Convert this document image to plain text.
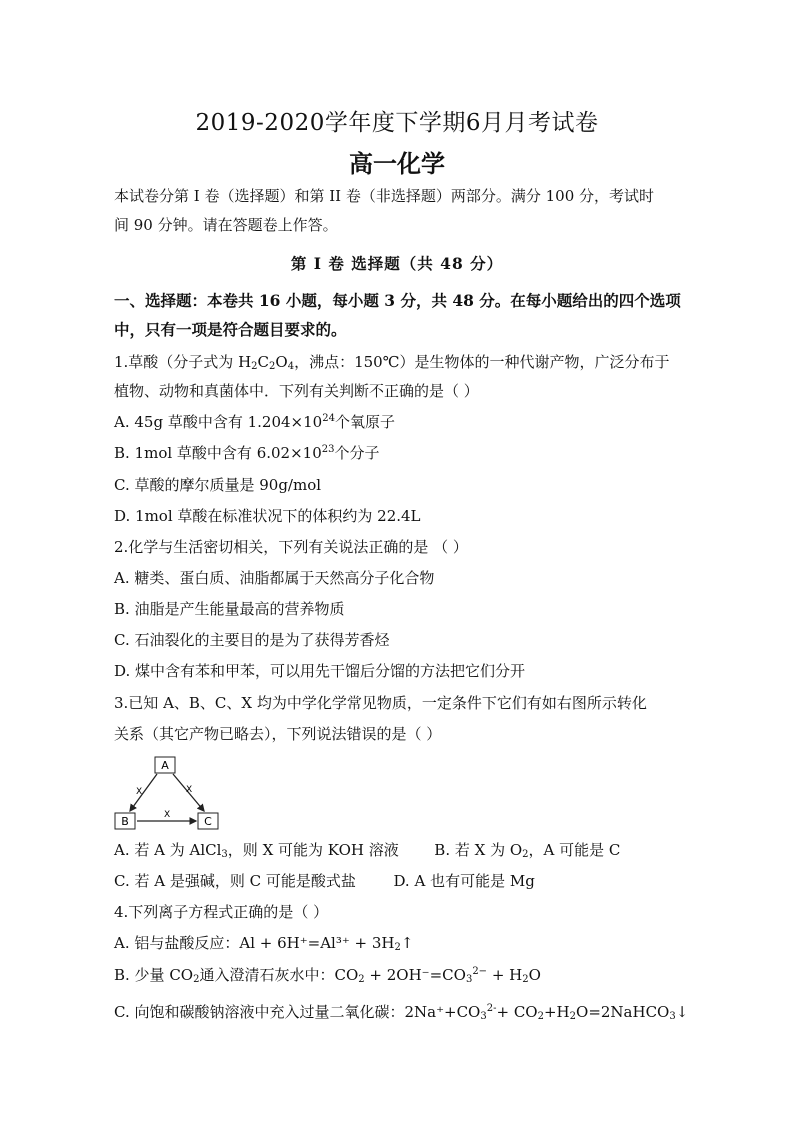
2019-2020学年度下学期6月月考试卷
高一化学
本试卷分第 I 卷（选择题）和第 II 卷（非选择题）两部分。满分 100 分，考试时
间 90 分钟。请在答题卷上作答。
第 I 卷 选择题（共 48 分）
一、选择题：本卷共 16 小题，每小题 3 分，共 48 分。在每小题给出的四个选项
中，只有一项是符合题目要求的。
1.草酸（分子式为 $H_2C_2O_4$，沸点：150℃）是生物体的一种代谢产物，广泛分布于
植物、动物和真菌体中．下列有关判断不正确的是（ ）
A. 45g 草酸中含有 $1.204\times 10^{24}$个氧原子
B. 1mol 草酸中含有 $6.02\times 10^{23}$个分子
C. 草酸的摩尔质量是 90g/mol
D. 1mol 草酸在标准状况下的体积约为 22.4L
2.化学与生活密切相关，下列有关说法正确的是 （ ）
A. 糖类、蛋白质、油脂都属于天然高分子化合物
B. 油脂是产生能量最高的营养物质
C. 石油裂化的主要目的是为了获得芳香烃
D. 煤中含有苯和甲苯，可以用先干馏后分馏的方法把它们分开
3.已知 A、B、C、X 均为中学化学常见物质，一定条件下它们有如右图所示转化
关系（其它产物已略去），下列说法错误的是（ ）
A
B	C
X	X
X
A. 若 A 为 AlCl$_3$，则 X 可能为 KOH 溶液 B. 若 X 为 $O_2$，A 可能是 C
C. 若 A 是强碱，则 C 可能是酸式盐	D. A 也有可能是 Mg
4.下列离子方程式正确的是（ ）
A. 铝与盐酸反应：$Al + 6H^+=Al^{3+} + 3H_2↑$
B. 少量 $CO_2$通入澄清石灰水中：$CO_2 + 2OH^-=CO_3^{2-} + H_2O$
C. 向饱和碳酸钠溶液中充入过量二氧化碳：$2Na^++CO_3^{2-}+$ $CO_2+H_2O=2NaHCO_3↓$
